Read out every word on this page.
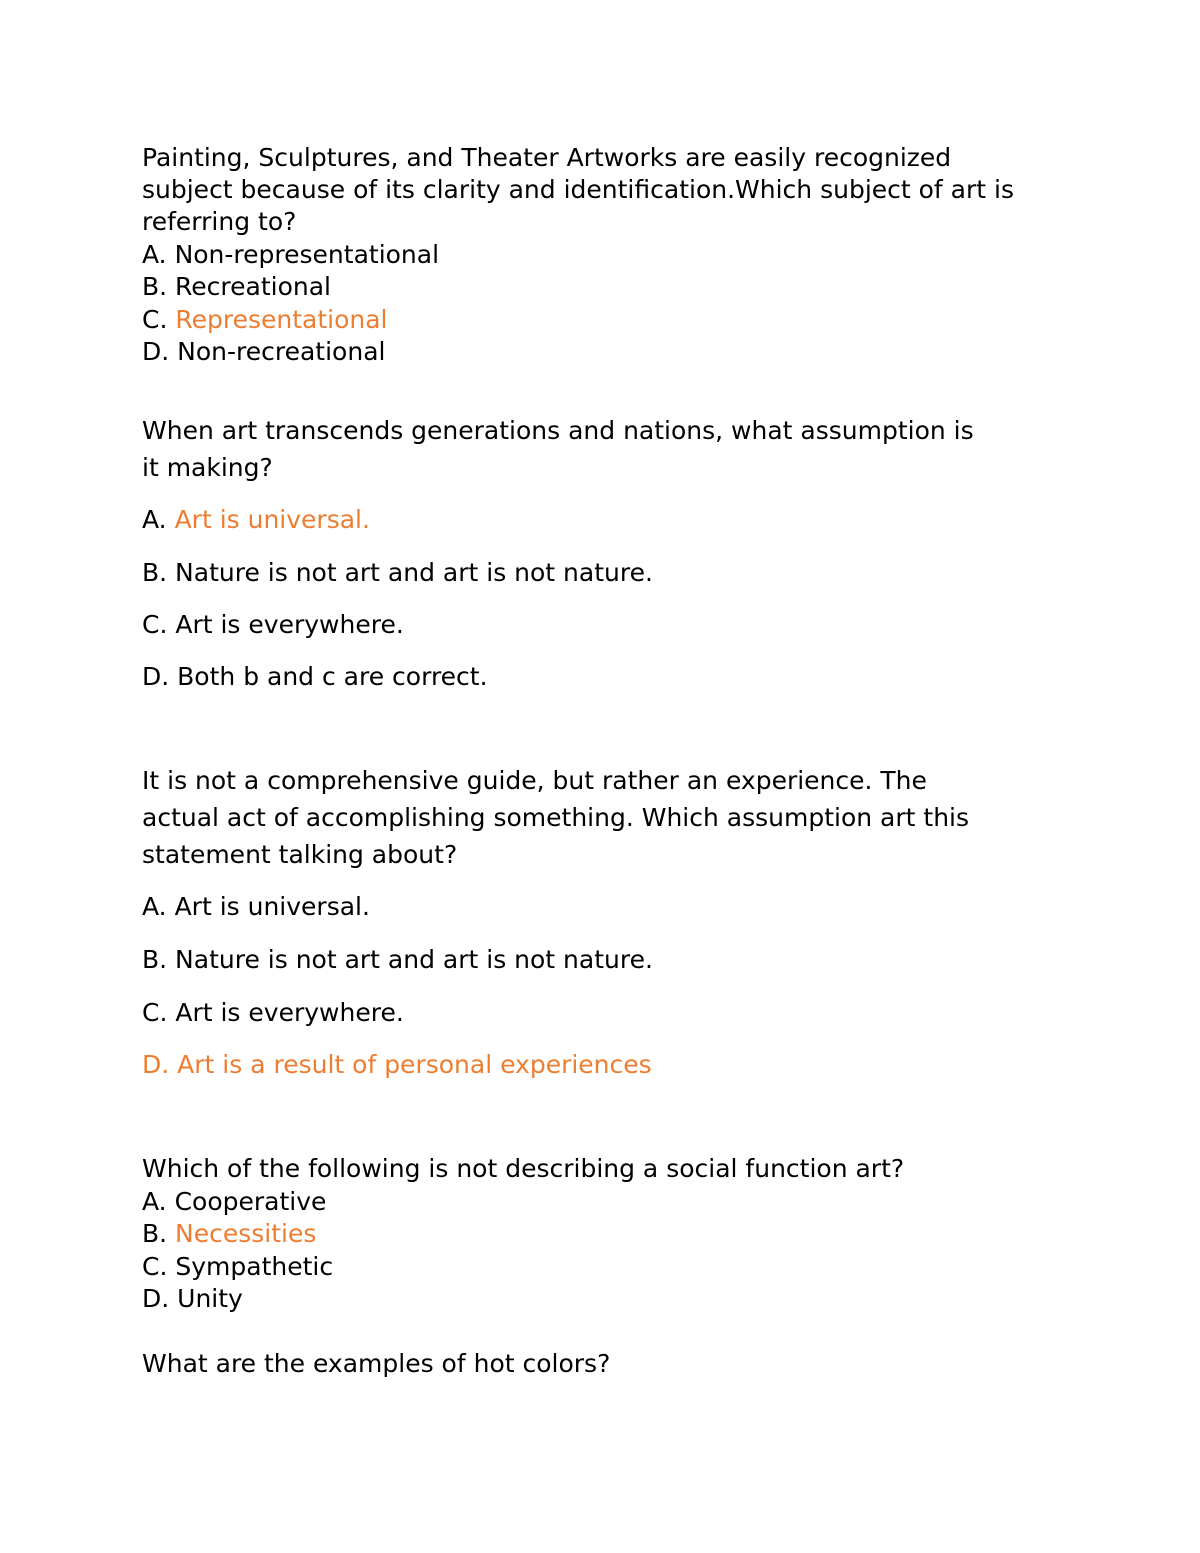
Painting, Sculptures, and Theater Artworks are easily recognized
subject because of its clarity and identification.Which subject of art is
referring to?
A. Non-representational
B. Recreational
C. Representational
D. Non-recreational
When art transcends generations and nations, what assumption is
it making?
A. Art is universal.
B. Nature is not art and art is not nature.
C. Art is everywhere.
D. Both b and c are correct.
It is not a comprehensive guide, but rather an experience. The
actual act of accomplishing something. Which assumption art this
statement talking about?
A. Art is universal.
B. Nature is not art and art is not nature.
C. Art is everywhere.
D. Art is a result of personal experiences
Which of the following is not describing a social function art?
A. Cooperative
B. Necessities
C. Sympathetic
D. Unity
What are the examples of hot colors?
